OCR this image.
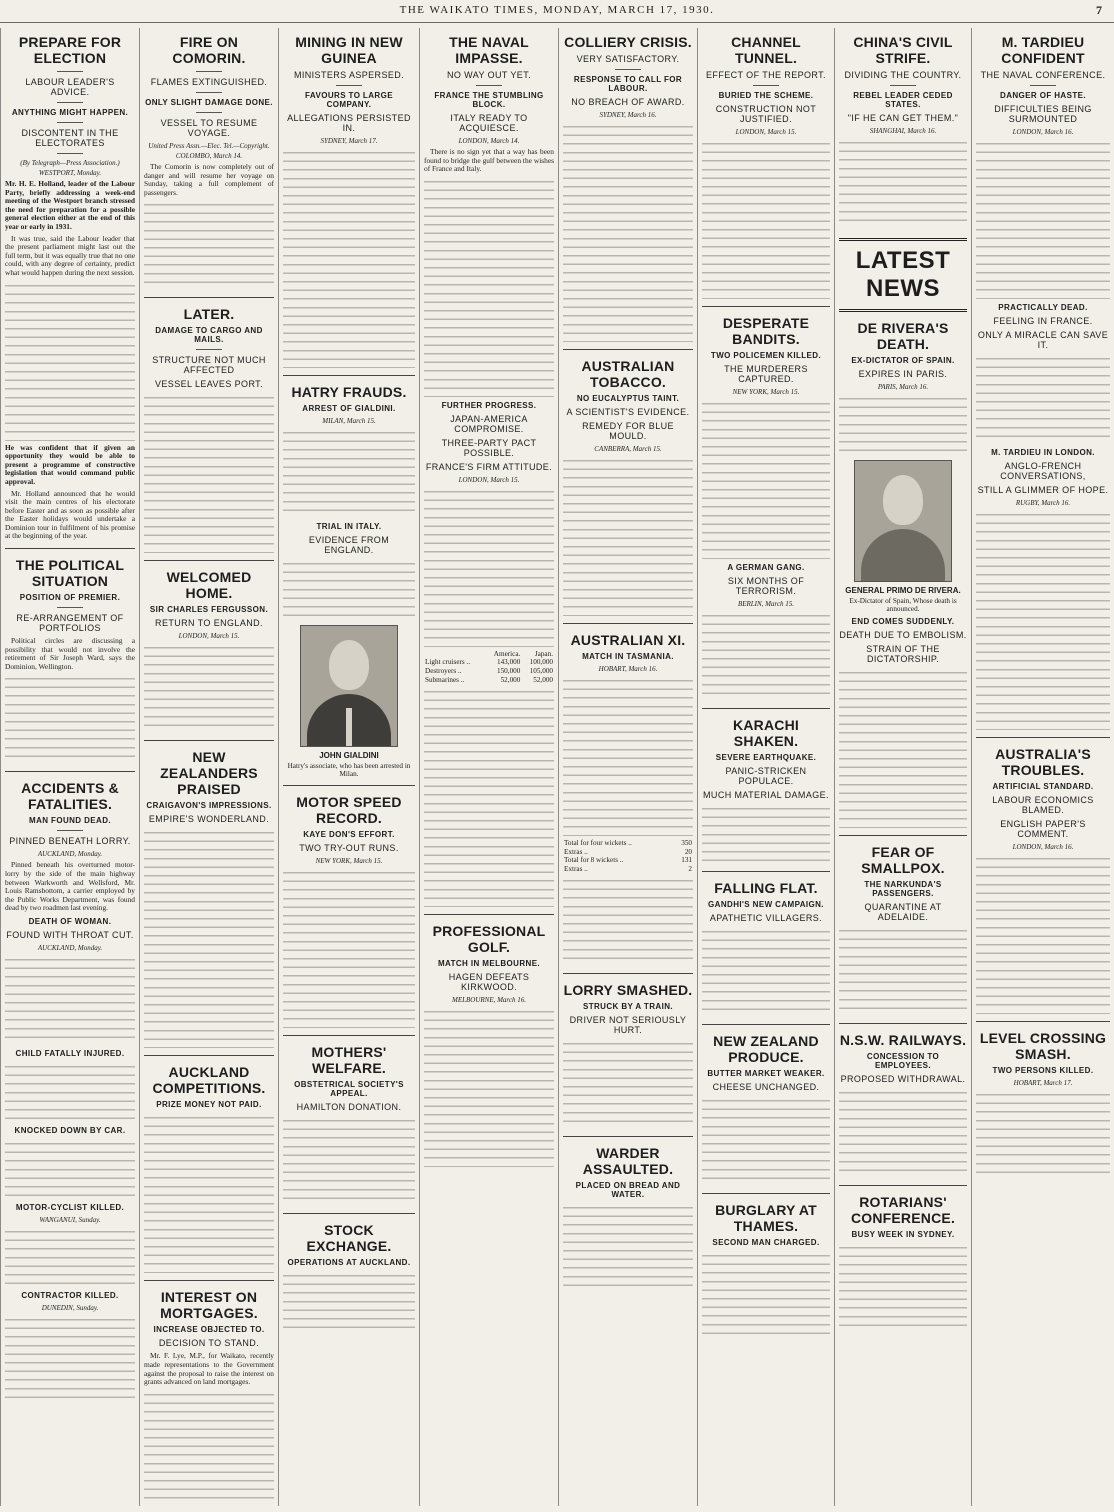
THE WAIKATO TIMES, MONDAY, MARCH 17, 1930.	7
PREPARE FOR ELECTION
LABOUR LEADER'S ADVICE.
ANYTHING MIGHT HAPPEN.
DISCONTENT IN THE ELECTORATES
(By Telegraph—Press Association.)
WESTPORT, Monday.

Mr. H. E. Holland, leader of the Labour Party, briefly addressing a week-end meeting of the Westport branch stressed the need for preparation for a possible general election either at the end of this year or early in 1931.

It was true, said the Labour leader that the present parliament might last out the full term, but it was equally true that no one could, with any degree of certainty, predict what would happen during the next session.

He was confident that if given an opportunity they would be able to present a programme of constructive legislation that would command public approval.

Mr. Holland announced that he would visit the main centres of his electorate before Easter and as soon as possible after the Easter holidays would undertake a Dominion tour in fulfilment of his promise at the beginning of the year.

THE POLITICAL SITUATION
POSITION OF PREMIER.
RE-ARRANGEMENT OF PORTFOLIOS

Political circles are discussing a possibility that would not involve the retirement of Sir Joseph Ward, says the Dominion, Wellington.

ACCIDENTS & FATALITIES.
MAN FOUND DEAD.
PINNED BENEATH LORRY.
AUCKLAND, Monday.

Pinned beneath his overturned motor-lorry by the side of the main highway between Warkworth and Wellsford, Mr. Louis Ramsbottom, a carrier employed by the Public Works Department, was found dead by two roadmen last evening.

DEATH OF WOMAN.
FOUND WITH THROAT CUT.
AUCKLAND, Monday.
CHILD FATALLY INJURED.
KNOCKED DOWN BY CAR.
MOTOR-CYCLIST KILLED.
WANGANUI, Sunday.
CONTRACTOR KILLED.
DUNEDIN, Sunday.
FIRE ON COMORIN.
FLAMES EXTINGUISHED.
ONLY SLIGHT DAMAGE DONE.
VESSEL TO RESUME VOYAGE.
United Press Assn.—Elec. Tel.—Copyright.
COLOMBO, March 14.

The Comorin is now completely out of danger and will resume her voyage on Sunday, taking a full complement of passengers.

LATER.
DAMAGE TO CARGO AND MAILS.
STRUCTURE NOT MUCH AFFECTED
VESSEL LEAVES PORT.
WELCOMED HOME.
SIR CHARLES FERGUSSON.
RETURN TO ENGLAND.
LONDON, March 15.
NEW ZEALANDERS PRAISED
CRAIGAVON'S IMPRESSIONS.
EMPIRE'S WONDERLAND.
AUCKLAND COMPETITIONS.
PRIZE MONEY NOT PAID.
INTEREST ON MORTGAGES.
INCREASE OBJECTED TO.
DECISION TO STAND.

Mr. F. Lye, M.P., for Waikato, recently made representations to the Government against the proposal to raise the interest on grants advanced on land mortgages.

MINING IN NEW GUINEA
MINISTERS ASPERSED.
FAVOURS TO LARGE COMPANY.
ALLEGATIONS PERSISTED IN.
SYDNEY, March 17.
HATRY FRAUDS.
ARREST OF GIALDINI.
MILAN, March 15.
TRIAL IN ITALY.
EVIDENCE FROM ENGLAND.
JOHN GIALDINI
Hatry's associate, who has been arrested in Milan.
MOTOR SPEED RECORD.
KAYE DON'S EFFORT.
TWO TRY-OUT RUNS.
NEW YORK, March 15.
MOTHERS' WELFARE.
OBSTETRICAL SOCIETY'S APPEAL.
HAMILTON DONATION.
STOCK EXCHANGE.
OPERATIONS AT AUCKLAND.
THE NAVAL IMPASSE.
NO WAY OUT YET.
FRANCE THE STUMBLING BLOCK.
ITALY READY TO ACQUIESCE.
LONDON, March 14.

There is no sign yet that a way has been found to bridge the gulf between the wishes of France and Italy.

FURTHER PROGRESS.
JAPAN-AMERICA COMPROMISE.
THREE-PARTY PACT POSSIBLE.
FRANCE'S FIRM ATTITUDE.
LONDON, March 15.
	America.	Japan.
Light cruisers ..	143,000	100,000
Destroyers ..	150,000	105,000
Submarines ..	52,000	52,000
PROFESSIONAL GOLF.
MATCH IN MELBOURNE.
HAGEN DEFEATS KIRKWOOD.
MELBOURNE, March 16.
COLLIERY CRISIS.
VERY SATISFACTORY.
RESPONSE TO CALL FOR LABOUR.
NO BREACH OF AWARD.
SYDNEY, March 16.
AUSTRALIAN TOBACCO.
NO EUCALYPTUS TAINT.
A SCIENTIST'S EVIDENCE.
REMEDY FOR BLUE MOULD.
CANBERRA, March 15.
AUSTRALIAN XI.
MATCH IN TASMANIA.
HOBART, March 16.
Total for four wickets ..	350
Extras ..	20
Total for 8 wickets ..	131
Extras ..	2
LORRY SMASHED.
STRUCK BY A TRAIN.
DRIVER NOT SERIOUSLY HURT.
WARDER ASSAULTED.
PLACED ON BREAD AND WATER.
CHANNEL TUNNEL.
EFFECT OF THE REPORT.
BURIED THE SCHEME.
CONSTRUCTION NOT JUSTIFIED.
LONDON, March 15.
DESPERATE BANDITS.
TWO POLICEMEN KILLED.
THE MURDERERS CAPTURED.
NEW YORK, March 15.
A GERMAN GANG.
SIX MONTHS OF TERRORISM.
BERLIN, March 15.
KARACHI SHAKEN.
SEVERE EARTHQUAKE.
PANIC-STRICKEN POPULACE.
MUCH MATERIAL DAMAGE.
FALLING FLAT.
GANDHI'S NEW CAMPAIGN.
APATHETIC VILLAGERS.
NEW ZEALAND PRODUCE.
BUTTER MARKET WEAKER.
CHEESE UNCHANGED.
BURGLARY AT THAMES.
SECOND MAN CHARGED.
CHINA'S CIVIL STRIFE.
DIVIDING THE COUNTRY.
REBEL LEADER CEDED STATES.
"IF HE CAN GET THEM."
SHANGHAI, March 16.
LATEST NEWS
DE RIVERA'S DEATH.
EX-DICTATOR OF SPAIN.
EXPIRES IN PARIS.
PARIS, March 16.
GENERAL PRIMO DE RIVERA.
Ex-Dictator of Spain, Whose death is announced.
END COMES SUDDENLY.
DEATH DUE TO EMBOLISM.
STRAIN OF THE DICTATORSHIP.
FEAR OF SMALLPOX.
THE NARKUNDA'S PASSENGERS.
QUARANTINE AT ADELAIDE.
N.S.W. RAILWAYS.
CONCESSION TO EMPLOYEES.
PROPOSED WITHDRAWAL.
ROTARIANS' CONFERENCE.
BUSY WEEK IN SYDNEY.
M. TARDIEU CONFIDENT
THE NAVAL CONFERENCE.
DANGER OF HASTE.
DIFFICULTIES BEING SURMOUNTED
LONDON, March 16.
PRACTICALLY DEAD.
FEELING IN FRANCE.
ONLY A MIRACLE CAN SAVE IT.
M. TARDIEU IN LONDON.
ANGLO-FRENCH CONVERSATIONS,
STILL A GLIMMER OF HOPE.
RUGBY, March 16.
AUSTRALIA'S TROUBLES.
ARTIFICIAL STANDARD.
LABOUR ECONOMICS BLAMED.
ENGLISH PAPER'S COMMENT.
LONDON, March 16.
LEVEL CROSSING SMASH.
TWO PERSONS KILLED.
HOBART, March 17.
